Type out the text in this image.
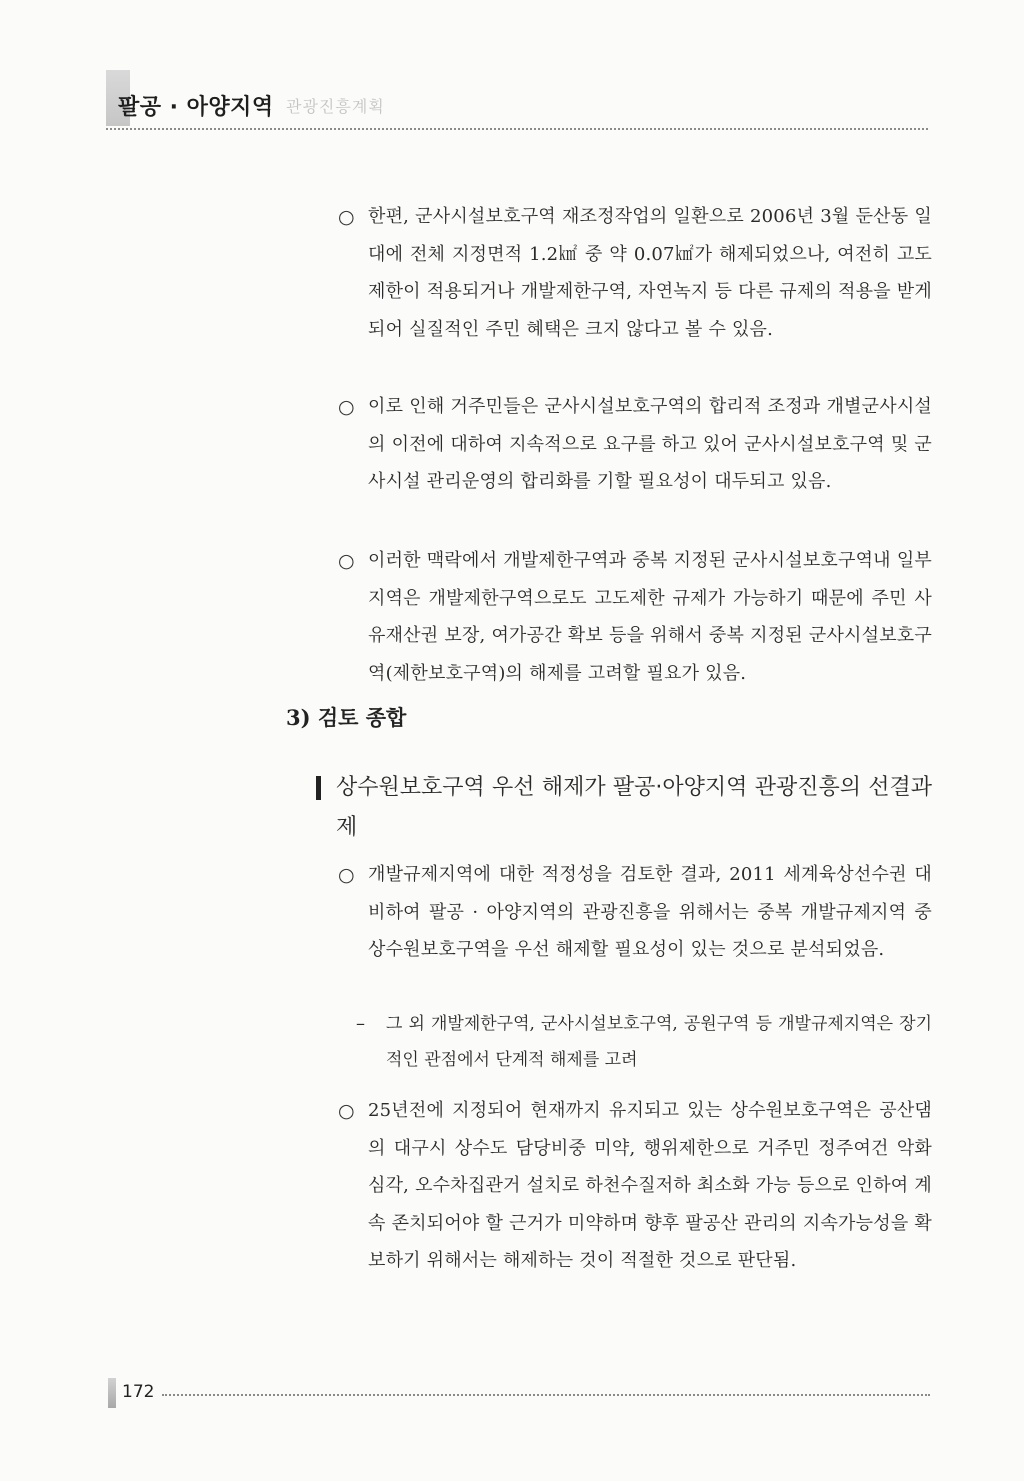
팔공 · 아양지역 관광진흥계획
○ 한편, 군사시설보호구역 재조정작업의 일환으로 2006년 3월 둔산동 일대에 전체 지정면적 1.2㎢ 중 약 0.07㎢가 해제되었으나, 여전히 고도제한이 적용되거나 개발제한구역, 자연녹지 등 다른 규제의 적용을 받게 되어 실질적인 주민 혜택은 크지 않다고 볼 수 있음.
○ 이로 인해 거주민들은 군사시설보호구역의 합리적 조정과 개별군사시설의 이전에 대하여 지속적으로 요구를 하고 있어 군사시설보호구역 및 군사시설 관리운영의 합리화를 기할 필요성이 대두되고 있음.
○ 이러한 맥락에서 개발제한구역과 중복 지정된 군사시설보호구역내 일부지역은 개발제한구역으로도 고도제한 규제가 가능하기 때문에 주민 사유재산권 보장, 여가공간 확보 등을 위해서 중복 지정된 군사시설보호구역(제한보호구역)의 해제를 고려할 필요가 있음.
3) 검토 종합
상수원보호구역 우선 해제가 팔공·아양지역 관광진흥의 선결과제
○ 개발규제지역에 대한 적정성을 검토한 결과, 2011 세계육상선수권 대비하여 팔공 · 아양지역의 관광진흥을 위해서는 중복 개발규제지역 중 상수원보호구역을 우선 해제할 필요성이 있는 것으로 분석되었음.
– 그 외 개발제한구역, 군사시설보호구역, 공원구역 등 개발규제지역은 장기적인 관점에서 단계적 해제를 고려
○ 25년전에 지정되어 현재까지 유지되고 있는 상수원보호구역은 공산댐의 대구시 상수도 담당비중 미약, 행위제한으로 거주민 정주여건 악화 심각, 오수차집관거 설치로 하천수질저하 최소화 가능 등으로 인하여 계속 존치되어야 할 근거가 미약하며 향후 팔공산 관리의 지속가능성을 확보하기 위해서는 해제하는 것이 적절한 것으로 판단됨.
172
